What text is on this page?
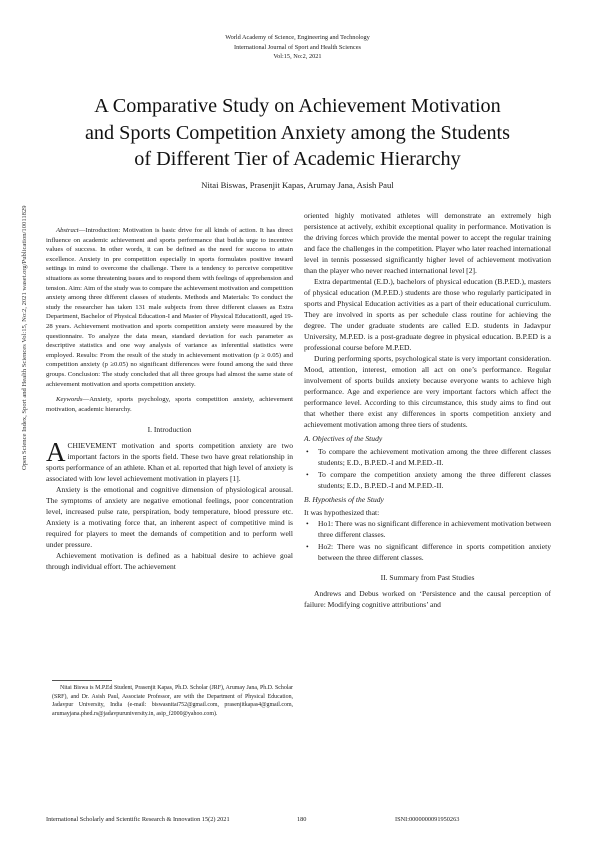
World Academy of Science, Engineering and Technology
International Journal of Sport and Health Sciences
Vol:15, No:2, 2021
A Comparative Study on Achievement Motivation
and Sports Competition Anxiety among the Students
of Different Tier of Academic Hierarchy
Nitai Biswas, Prasenjit Kapas, Arumay Jana, Asish Paul
Open Science Index, Sport and Health Sciences Vol:15, No:2, 2021 waset.org/Publication/10011829	Abstract—Introduction: Motivation is basic drive for all kinds of action. It has direct influence on academic achievement and sports performance that builds urge to incentive values of success. In other words, it can be defined as the need for success to attain excellence. Anxiety in pre competition especially in sports formulates positive inward settings in mind to overcome the challenge. There is a tendency to perceive competitive situations as some threatening issues and to respond them with feelings of apprehension and tension. Aim: Aim of the study was to compare the achievement motivation and competition anxiety among three different classes of students. Methods and Materials: To conduct the study the researcher has taken 131 male subjects from three different classes as Extra Department, Bachelor of Physical Education-I and Master of Physical EducationII, aged 19-28 years. Achievement motivation and sports competition anxiety were measured by the questionnaire. To analyze the data mean, standard deviation for each parameter as descriptive statistics and one way analysis of variance as inferential statistics were employed. Results: From the result of the study in achievement motivation (p ≥ 0.05) and competition anxiety (p ≥0.05) no significant differences were found among the said three groups. Conclusion: The study concluded that all three groups had almost the same state of achievement motivation and sports competition anxiety.

Keywords—Anxiety, sports psychology, sports competition anxiety, achievement motivation, academic hierarchy.

I. Introduction

ACHIEVEMENT motivation and sports competition anxiety are two important factors in the sports field. These two have great relationship in sports performance of an athlete. Khan et al. reported that high level of anxiety is associated with low level achievement motivation in players [1].

Anxiety is the emotional and cognitive dimension of physiological arousal. The symptoms of anxiety are negative emotional feelings, poor concentration level, increased pulse rate, perspiration, body temperature, blood pressure etc. Anxiety is a motivating force that, an inherent aspect of competitive mind is required for players to meet the demands of competition and to perform well under pressure.

Achievement motivation is defined as a habitual desire to achieve goal through individual effort. The achievement

Nitai Biswa is M.P.Ed Student, Prasenjit Kapas, Ph.D. Scholar (JRF), Arumay Jana, Ph.D. Scholar (SRF), and Dr. Asish Paul, Associate Professor, are with the Department of Physical Education, Jadavpur University, India (e-mail: biswasnitai752@gmail.com, prasenjitkapas4@gmail.com, arumayjana.phed.rs@jadavpuruniversity.in, asip_f2000@yahoo.com).

oriented highly motivated athletes will demonstrate an extremely high persistence at actively, exhibit exceptional quality in performance. Motivation is the driving forces which provide the mental power to accept the regular training and face the challenges in the competition. Player who later reached international level in tennis possessed significantly higher level of achievement motivation than the player who never reached international level [2].

Extra departmental (E.D.), bachelors of physical education (B.P.ED.), masters of physical education (M.P.ED.) students are those who regularly participated in sports and Physical Education activities as a part of their educational curriculum. They are involved in sports as per schedule class routine for achieving the degree. The under graduate students are called E.D. students in Jadavpur University, M.P.ED. is a post-graduate degree in physical education. B.P.ED is a professional course before M.P.ED.

During performing sports, psychological state is very important consideration. Mood, attention, interest, emotion all act on one’s performance. Regular involvement of sports builds anxiety because everyone wants to achieve high performance. Age and experience are very important factors which affect the performance level. According to this circumstance, this study aims to find out that whether there exist any differences in sports competition anxiety and achievement motivation among three tiers of students.

A. Objectives of the Study
• To compare the achievement motivation among the three different classes students; E.D., B.P.ED.-I and M.P.ED.-II.
• To compare the competition anxiety among the three different classes students; E.D., B.P.ED.-I and M.P.ED.-II.
B. Hypothesis of the Study

It was hypothesized that:

• Ho1: There was no significant difference in achievement motivation between three different classes.
• Ho2: There was no significant difference in sports competition anxiety between the three different classes.
II. Summary from Past Studies

Andrews and Debus worked on ‘Persistence and the causal perception of failure: Modifying cognitive attributions’ and

International Scholarly and Scientific Research & Innovation 15(2) 2021	180	ISNI:0000000091950263
